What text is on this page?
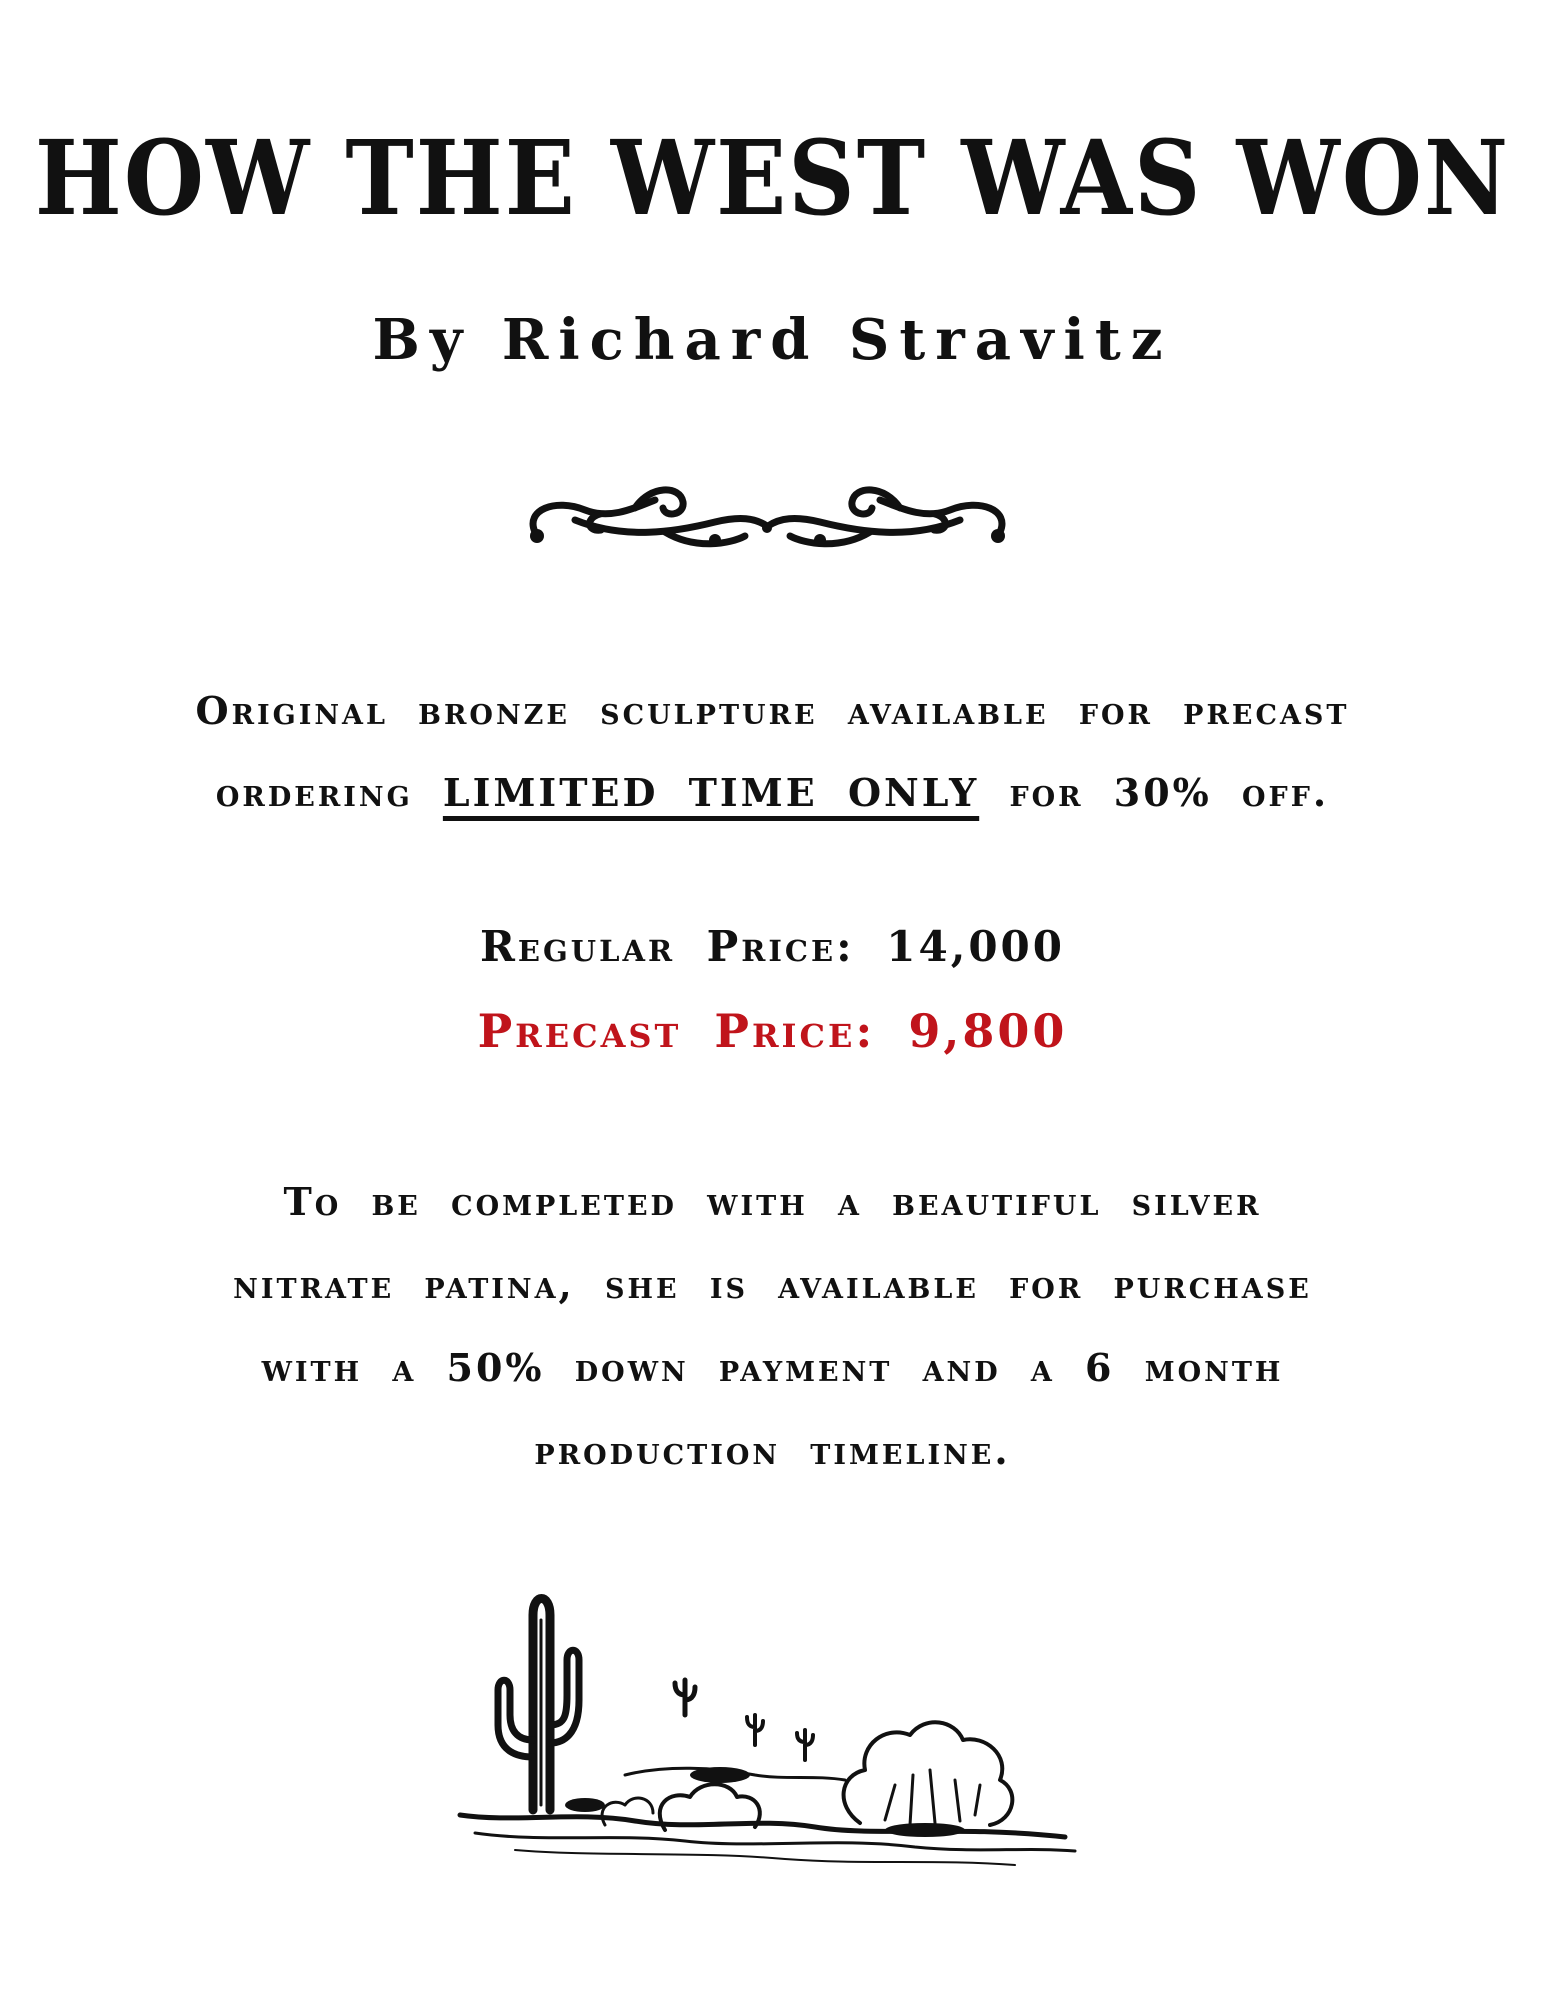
HOW THE WEST WAS WON
By Richard Stravitz

Original bronze sculpture available for precast ordering LIMITED TIME ONLY for 30% off.

Regular Price: 14,000

Precast Price: 9,800

To be completed with a beautiful silver nitrate patina, she is available for purchase with a 50% down payment and a 6 month production timeline.
